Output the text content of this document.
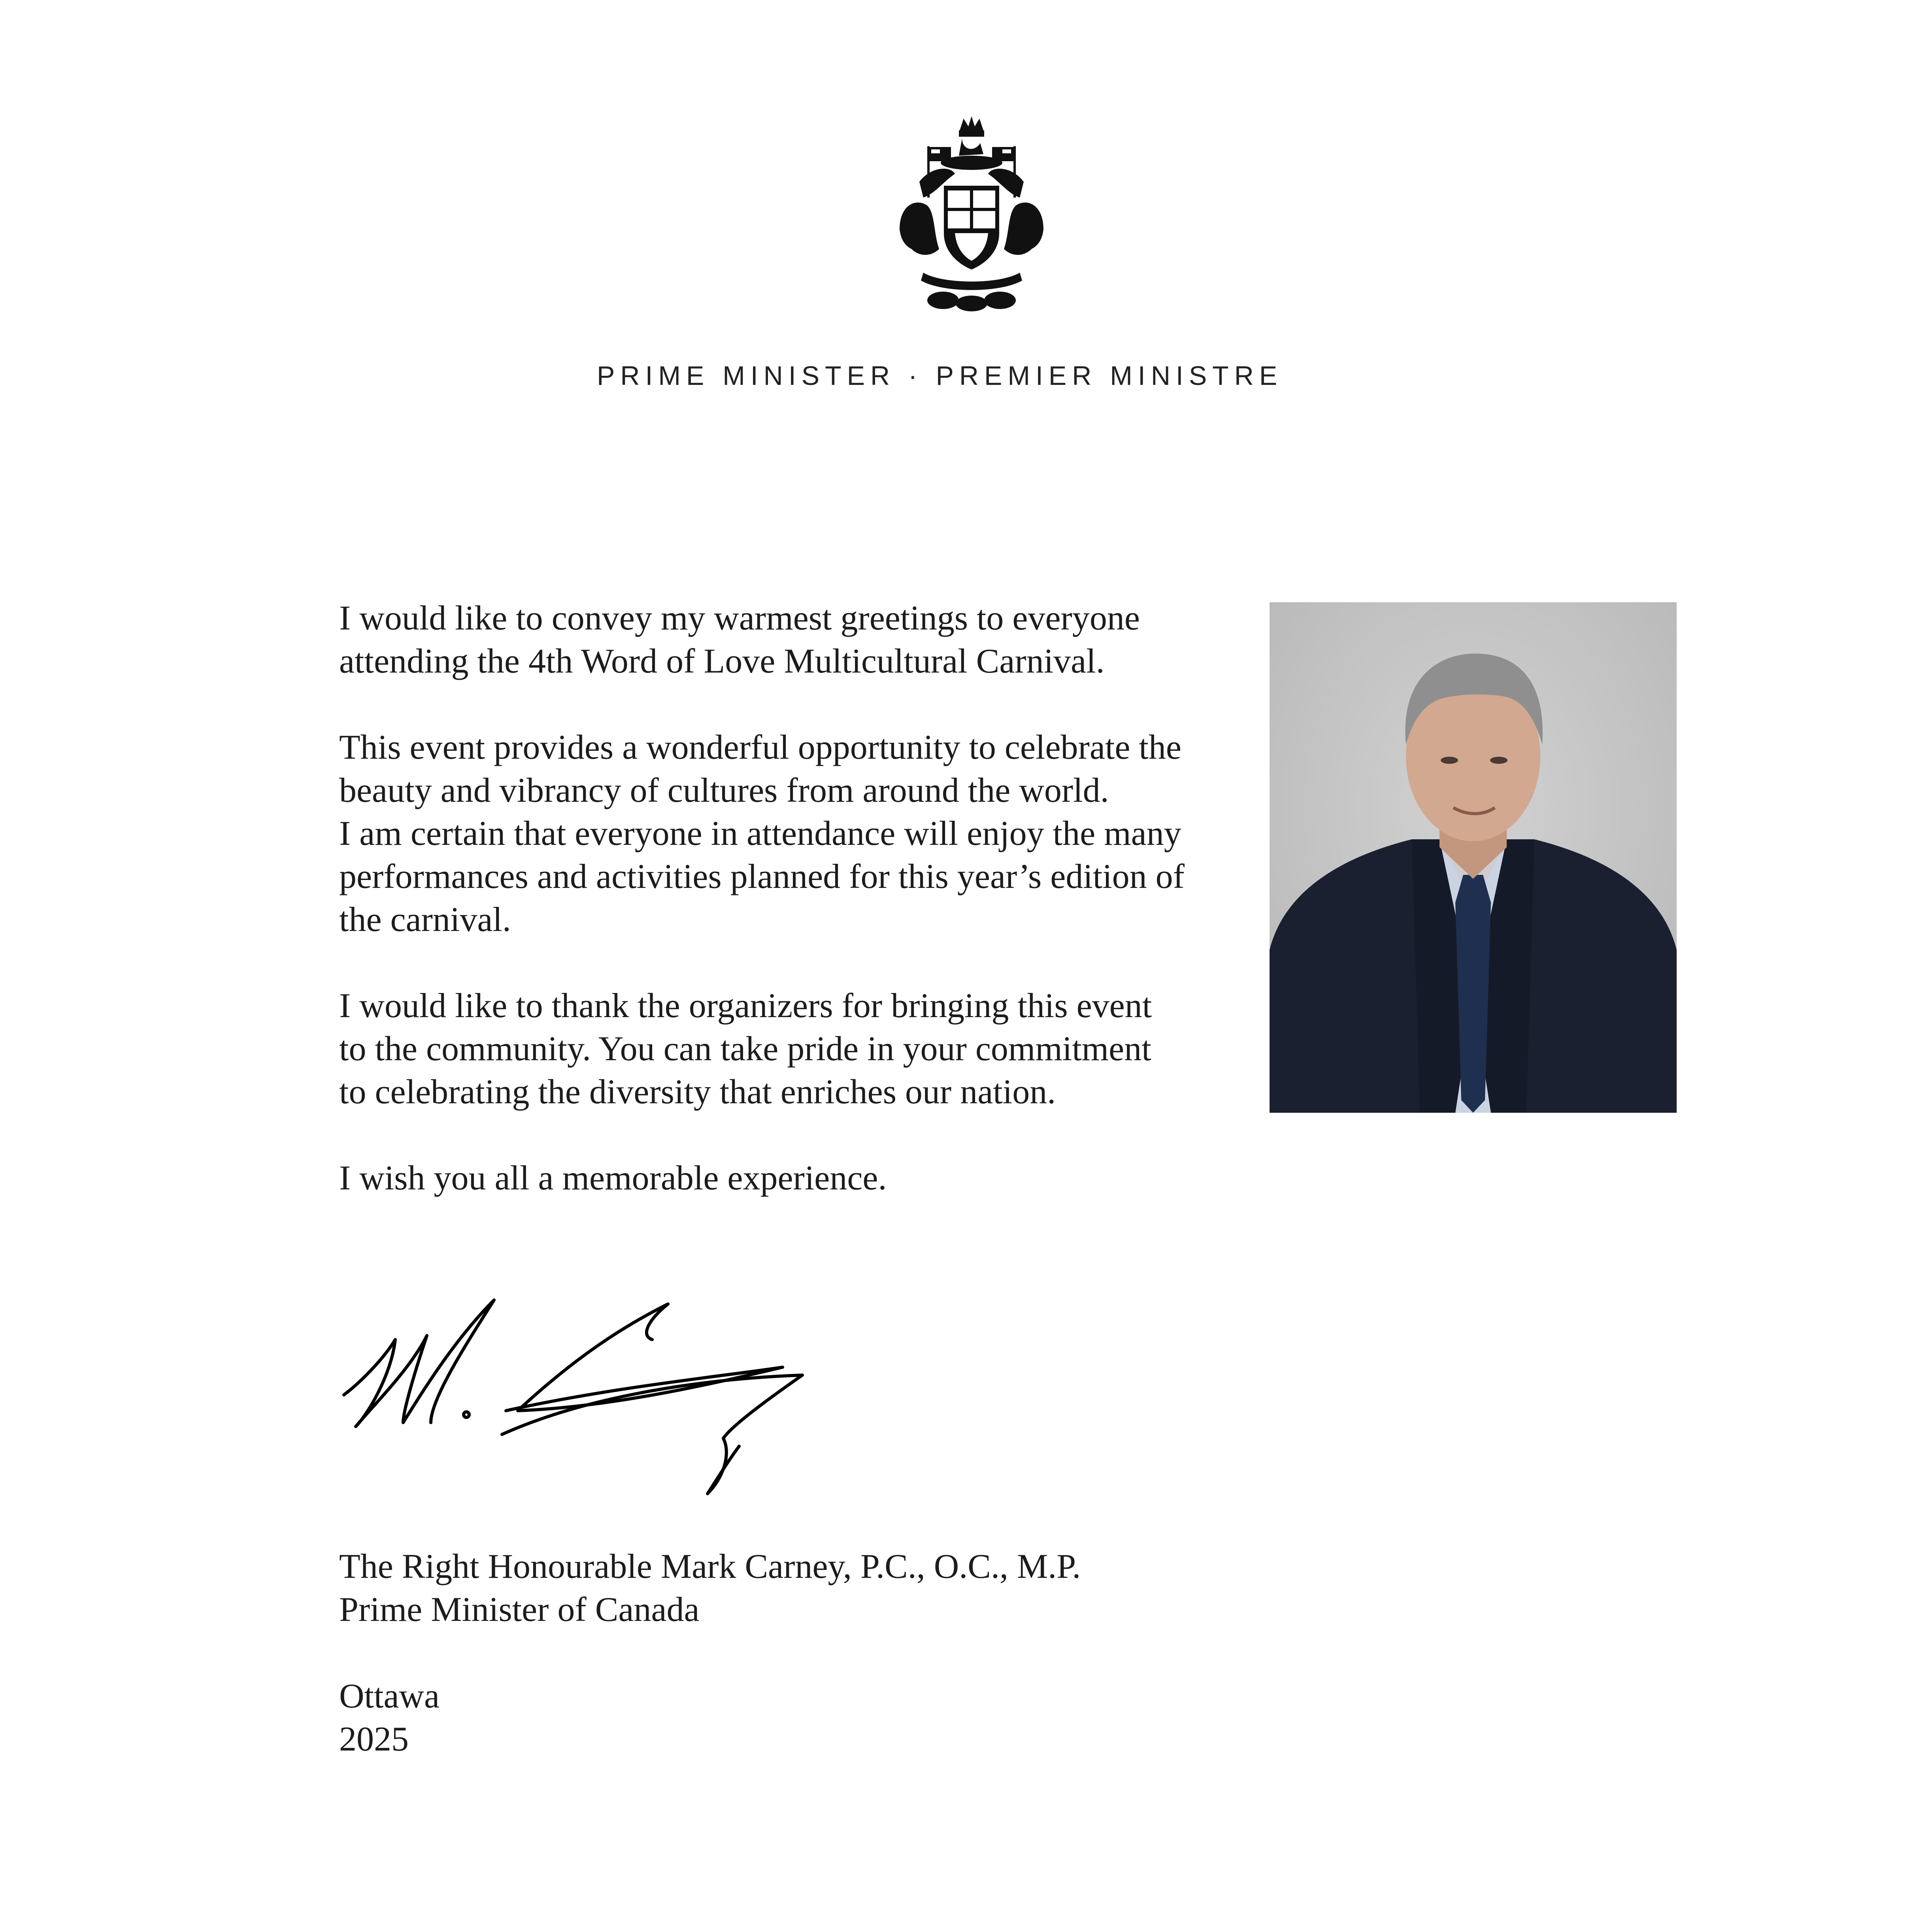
PRIME MINISTER · PREMIER MINISTRE

I would like to convey my warmest greetings to everyone
attending the 4th Word of Love Multicultural Carnival.

This event provides a wonderful opportunity to celebrate the
beauty and vibrancy of cultures from around the world.
I am certain that everyone in attendance will enjoy the many
performances and activities planned for this year’s edition of
the carnival.

I would like to thank the organizers for bringing this event
to the community. You can take pride in your commitment
to celebrating the diversity that enriches our nation.

I wish you all a memorable experience.

The Right Honourable Mark Carney, P.C., O.C., M.P.
Prime Minister of Canada
Ottawa
2025
